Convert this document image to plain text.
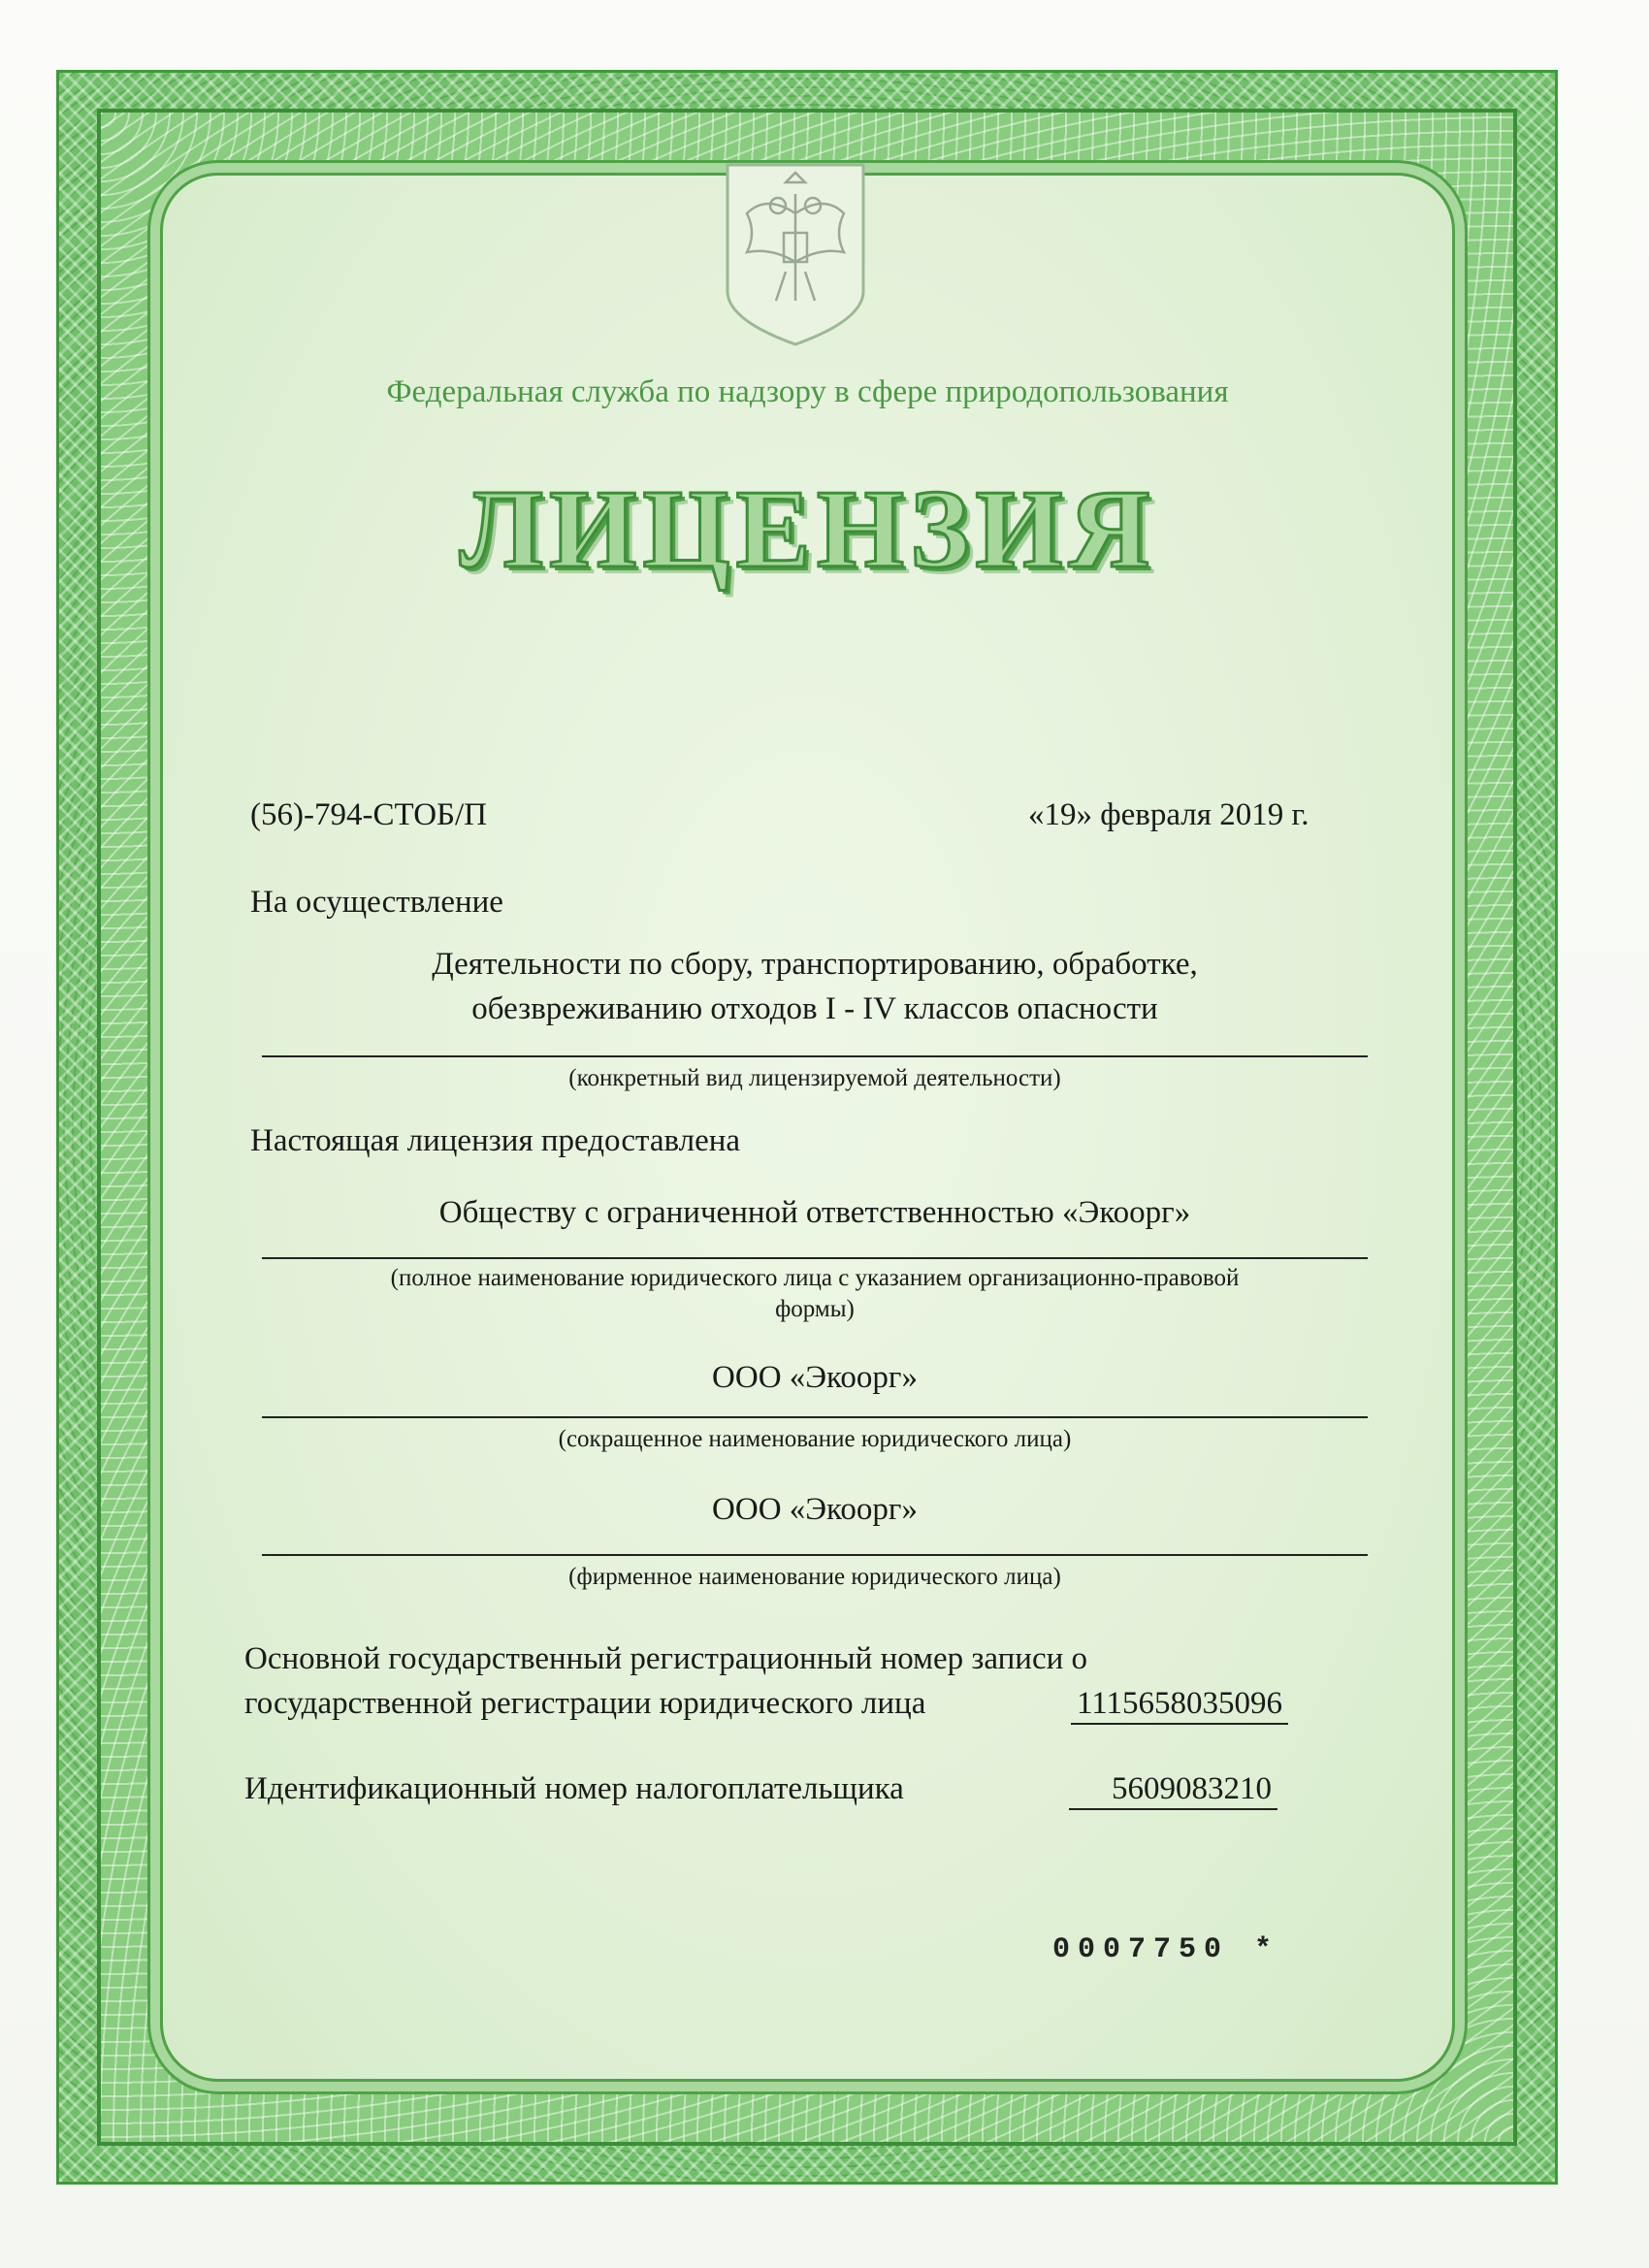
Федеральная служба по надзору в сфере природопользования
ЛИЦЕНЗИЯ
(56)-794-СТОБ/П	«19» февраля 2019 г.
На осуществление
Деятельности по сбору, транспортированию, обработке,
обезвреживанию отходов I - IV классов опасности
(конкретный вид лицензируемой деятельности)
Настоящая лицензия предоставлена
Обществу с ограниченной ответственностью «Экоорг»
(полное наименование юридического лица с указанием организационно-правовой
формы)
ООО «Экоорг»
(сокращенное наименование юридического лица)
ООО «Экоорг»
(фирменное наименование юридического лица)
Основной государственный регистрационный номер записи о
государственной регистрации юридического лица	1115658035096
Идентификационный номер налогоплательщика	5609083210
0007750 *
